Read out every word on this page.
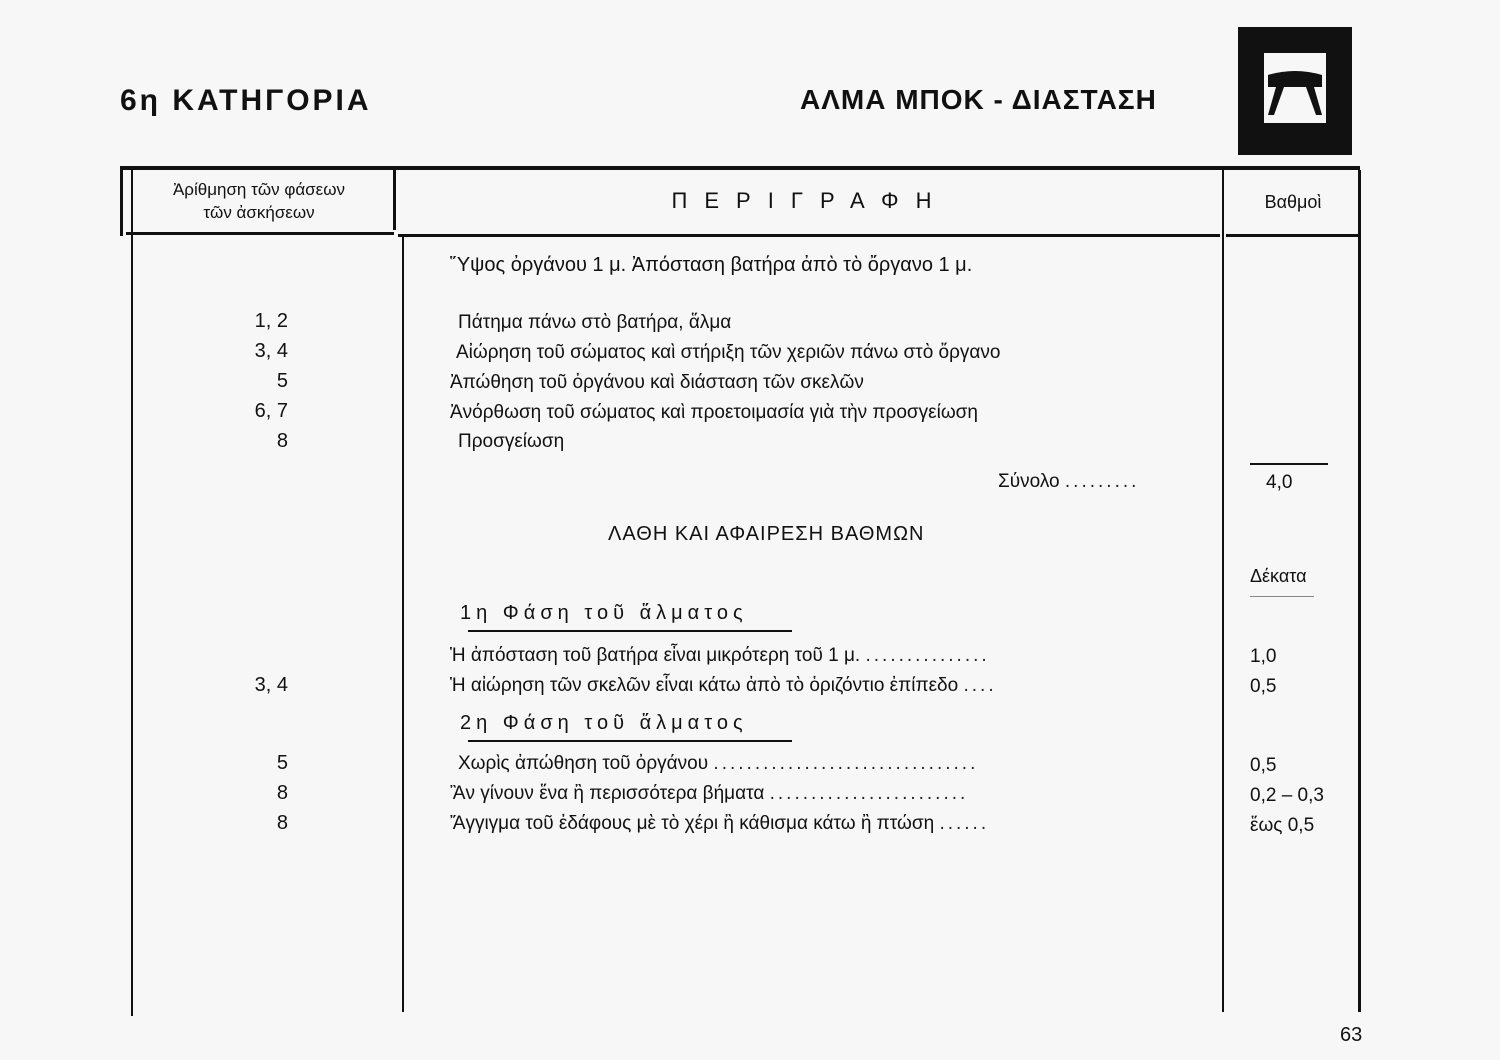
6η ΚΑΤΗΓΟΡΙΑ	ΑΛΜΑ ΜΠΟΚ - ΔΙΑΣΤΑΣΗ
Ἀρίθμηση τῶν φάσεων
τῶν ἀσκήσεων	ΠΕΡΙΓΡΑΦΗ	Βαθμοὶ
Ὕψος ὀργάνου 1 μ. Ἀπόσταση βατήρα ἀπὸ τὸ ὄργανο 1 μ.
1, 2	Πάτημα πάνω στὸ βατήρα, ἅλμα
3, 4	Αἰώρηση τοῦ σώματος καὶ στήριξη τῶν χεριῶν πάνω στὸ ὄργανο
5	Ἀπώθηση τοῦ ὀργάνου καὶ διάσταση τῶν σκελῶν
6, 7	Ἀνόρθωση τοῦ σώματος καὶ προετοιμασία γιὰ τὴν προσγείωση
8	Προσγείωση
Σύνολο .........	4,0
ΛΑΘΗ ΚΑΙ ΑΦΑΙΡΕΣΗ ΒΑΘΜΩΝ
Δέκατα
1η Φάση τοῦ ἅλματος
Ἡ ἀπόσταση τοῦ βατήρα εἶναι μικρότερη τοῦ 1 μ. ...............	1,0
3, 4	Ἡ αἰώρηση τῶν σκελῶν εἶναι κάτω ἀπὸ τὸ ὁριζόντιο ἐπίπεδο ....	0,5
2η Φάση τοῦ ἅλματος
5	Χωρὶς ἀπώθηση τοῦ ὀργάνου ................................	0,5
8	Ἂν γίνουν ἕνα ἢ περισσότερα βήματα ........................	0,2 – 0,3
8	Ἄγγιγμα τοῦ ἐδάφους μὲ τὸ χέρι ἢ κάθισμα κάτω ἢ πτώση ......	ἕως 0,5
63
